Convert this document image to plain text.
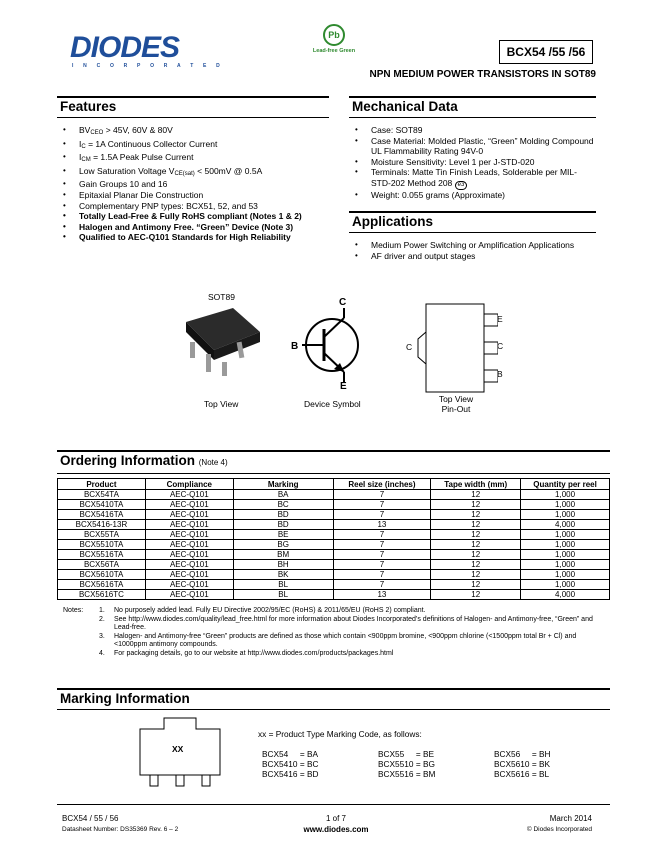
DIODES
I N C O R P O R A T E D
Pb
Lead-free Green	BCX54 /55 /56
NPN MEDIUM POWER TRANSISTORS IN SOT89
Features
• BVCEO > 45V, 60V & 80V
• IC = 1A Continuous Collector Current
• ICM = 1.5A Peak Pulse Current
• Low Saturation Voltage VCE(sat) < 500mV @ 0.5A
• Gain Groups 10 and 16
• Epitaxial Planar Die Construction
• Complementary PNP types: BCX51, 52, and 53
• Totally Lead-Free & Fully RoHS compliant (Notes 1 & 2)
• Halogen and Antimony Free. “Green” Device (Note 3)
• Qualified to AEC-Q101 Standards for High Reliability
Mechanical Data
• Case: SOT89
• Case Material: Molded Plastic, “Green” Molding Compound UL Flammability Rating 94V-0
• Moisture Sensitivity: Level 1 per J-STD-020
• Terminals: Matte Tin Finish Leads, Solderable per MIL-STD-202 Method 208 e3
• Weight: 0.055 grams (Approximate)
Applications
• Medium Power Switching or Amplification Applications
• AF driver and output stages
SOT89
Top View
C
B
E
Device Symbol
E
C
B
C
Top View
Pin-Out
Ordering Information (Note 4)
Product	Compliance	Marking	Reel size (inches)	Tape width (mm)	Quantity per reel
BCX54TA	AEC-Q101	BA	7	12	1,000
BCX5410TA	AEC-Q101	BC	7	12	1,000
BCX5416TA	AEC-Q101	BD	7	12	1,000
BCX5416-13R	AEC-Q101	BD	13	12	4,000
BCX55TA	AEC-Q101	BE	7	12	1,000
BCX5510TA	AEC-Q101	BG	7	12	1,000
BCX5516TA	AEC-Q101	BM	7	12	1,000
BCX56TA	AEC-Q101	BH	7	12	1,000
BCX5610TA	AEC-Q101	BK	7	12	1,000
BCX5616TA	AEC-Q101	BL	7	12	1,000
BCX5616TC	AEC-Q101	BL	13	12	4,000
Notes: 1.	No purposely added lead. Fully EU Directive 2002/95/EC (RoHS) & 2011/65/EU (RoHS 2) compliant.
2.	See http://www.diodes.com/quality/lead_free.html for more information about Diodes Incorporated’s definitions of Halogen- and Antimony-free, “Green” and Lead-free.
3.	Halogen- and Antimony-free “Green” products are defined as those which contain <900ppm bromine, <900ppm chlorine (<1500ppm total Br + Cl) and <1000ppm antimony compounds.
4.	For packaging details, go to our website at http://www.diodes.com/products/packages.html
Marking Information
XX
xx = Product Type Marking Code, as follows:
BCX54     = BA
BCX5410 = BC
BCX5416 = BD
BCX55     = BE
BCX5510 = BG
BCX5516 = BM
BCX56     = BH
BCX5610 = BK
BCX5616 = BL
BCX54 / 55 / 56
Datasheet Number: DS35369 Rev. 6 – 2
1 of 7
www.diodes.com
March 2014
© Diodes Incorporated
